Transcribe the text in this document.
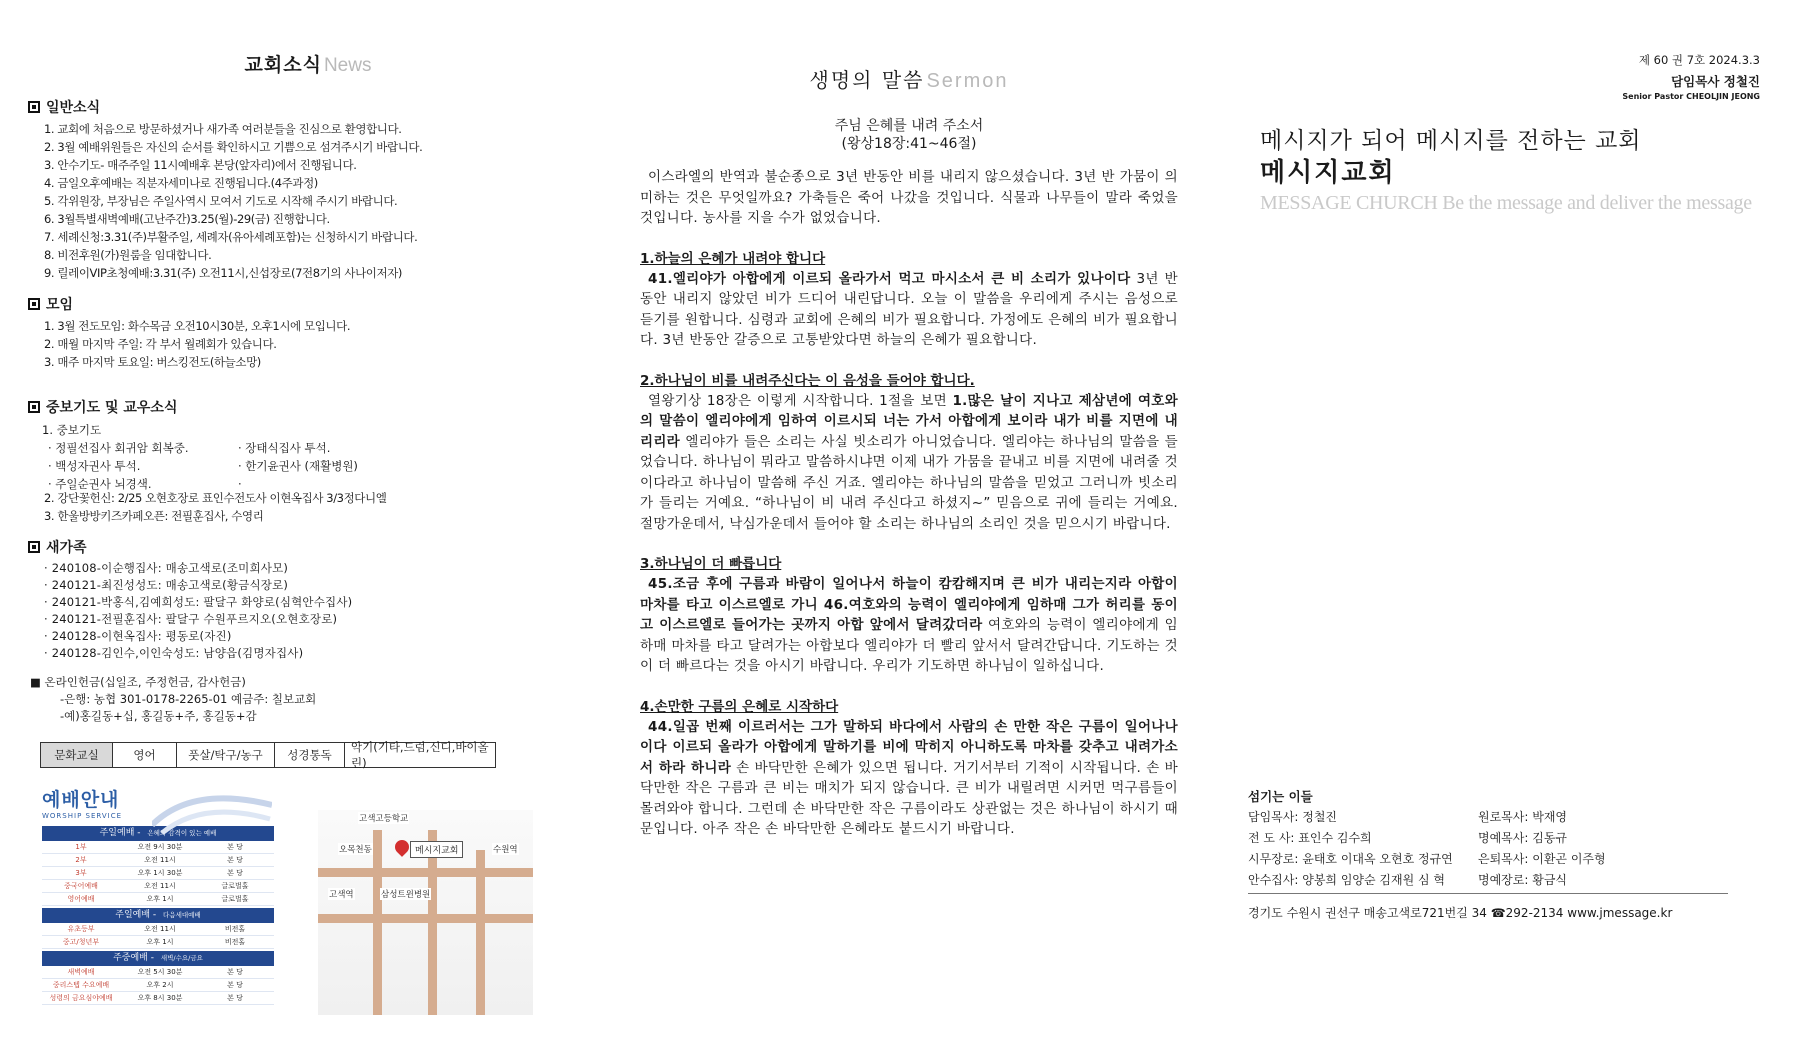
교회소식 News
일반소식
1. 교회에 처음으로 방문하셨거나 새가족 여러분들을 진심으로 환영합니다.
2. 3월 예배위원들은 자신의 순서를 확인하시고 기쁨으로 섬겨주시기 바랍니다.
3. 안수기도- 매주주일 11시예배후 본당(앞자리)에서 진행됩니다.
4. 금일오후예배는 직분자세미나로 진행됩니다.(4주과정)
5. 각위원장, 부장님은 주일사역시 모여서 기도로 시작해 주시기 바랍니다.
6. 3월특별새벽예배(고난주간)3.25(월)-29(금) 진행합니다.
7. 세례신청:3.31(주)부활주일, 세례자(유아세례포함)는 신청하시기 바랍니다.
8. 비전후원(가)원룸을 임대합니다.
9. 릴레이VIP초청예배:3.31(주) 오전11시,신섭장로(7전8기의 사나이저자)
모임
1. 3월 전도모임: 화수목금 오전10시30분, 오후1시에 모입니다.
2. 매월 마지막 주일: 각 부서 월례회가 있습니다.
3. 매주 마지막 토요일: 버스킹전도(하늘소망)
중보기도 및 교우소식
1. 중보기도
· 정필선집사 회귀암 회복중.	· 장태식집사 투석.
· 백성자권사 투석.	· 한기윤권사 (재활병원)
· 주일순권사 뇌경색.	·
2. 강단꽃헌신: 2/25 오현호장로 표인수전도사 이현옥집사 3/3정다니엘
3. 한울방방키즈카페오픈: 전필훈집사, 수영리
새가족
· 240108-이순행집사: 매송고색로(조미희사모)
· 240121-최진성성도: 매송고색로(황금식장로)
· 240121-박홍식,김예희성도: 팔달구 화양로(심혁안수집사)
· 240121-전필훈집사: 팔달구 수원푸르지오(오현호장로)
· 240128-이현옥집사: 평동로(자진)
· 240128-김인수,이인숙성도: 남양읍(김명자집사)
■ 온라인헌금(십일조, 주정헌금, 감사헌금)
-은행: 농협 301-0178-2265-01 예금주: 칠보교회
-예)홍길동+십, 홍길동+주, 홍길동+감
문화교실	영어	풋살/탁구/농구	성경통독
악기(기타,드럼,신디,바이올린)
예배안내
WORSHIP SERVICE
주일예배 - 은혜와 감격이 있는 예배
1부	오전 9시 30분	본 당
2부	오전 11시	본 당
3부	오후 1시 30분	본 당
중국어예배	오전 11시	글로벌홀
영어예배	오후 1시	글로벌홀
주일예배 - 다음세대예배
유초등부	오전 11시	비전홀
중고/청년부	오후 1시	비전홀
주중예배 - 새벽/수요/금요
새벽예배	오전 5시 30분	본 당
중리스텝 수요예배	오후 2시	본 당
성령의 금요심야예배	오후 8시 30분	본 당
고색고등학교
오목천동	수원역
메시지교회
고색역	삼성트윈병원
생명의 말씀 Sermon
주님 은혜를 내려 주소서
(왕상18장:41~46절)
이스라엘의 반역과 불순종으로 3년 반동안 비를 내리지 않으셨습니다. 3년 반 가뭄이 의미하는 것은 무엇일까요? 가축들은 죽어 나갔을 것입니다. 식물과 나무들이 말라 죽었을 것입니다. 농사를 지을 수가 없었습니다.
1.하늘의 은혜가 내려야 합니다
41.엘리야가 아합에게 이르되 올라가서 먹고 마시소서 큰 비 소리가 있나이다 3년 반 동안 내리지 않았던 비가 드디어 내린답니다. 오늘 이 말씀을 우리에게 주시는 음성으로 듣기를 원합니다. 심령과 교회에 은혜의 비가 필요합니다. 가정에도 은혜의 비가 필요합니다. 3년 반동안 갈증으로 고통받았다면 하늘의 은혜가 필요합니다.
2.하나님이 비를 내려주신다는 이 음성을 들어야 합니다.
열왕기상 18장은 이렇게 시작합니다. 1절을 보면 1.많은 날이 지나고 제삼년에 여호와의 말씀이 엘리야에게 임하여 이르시되 너는 가서 아합에게 보이라 내가 비를 지면에 내리리라 엘리야가 들은 소리는 사실 빗소리가 아니었습니다. 엘리야는 하나님의 말씀을 들었습니다. 하나님이 뭐라고 말씀하시냐면 이제 내가 가뭄을 끝내고 비를 지면에 내려줄 것이다라고 하나님이 말씀해 주신 거죠. 엘리야는 하나님의 말씀을 믿었고 그러니까 빗소리가 들리는 거예요. “하나님이 비 내려 주신다고 하셨지~” 믿음으로 귀에 들리는 거예요. 절망가운데서, 낙심가운데서 들어야 할 소리는 하나님의 소리인 것을 믿으시기 바랍니다.
3.하나님이 더 빠릅니다
45.조금 후에 구름과 바람이 일어나서 하늘이 캄캄해지며 큰 비가 내리는지라 아합이 마차를 타고 이스르엘로 가니 46.여호와의 능력이 엘리야에게 임하매 그가 허리를 동이고 이스르엘로 들어가는 곳까지 아합 앞에서 달려갔더라 여호와의 능력이 엘리야에게 임하매 마차를 타고 달려가는 아합보다 엘리야가 더 빨리 앞서서 달려간답니다. 기도하는 것이 더 빠르다는 것을 아시기 바랍니다. 우리가 기도하면 하나님이 일하십니다.
4.손만한 구름의 은혜로 시작하다
44.일곱 번째 이르러서는 그가 말하되 바다에서 사람의 손 만한 작은 구름이 일어나나이다 이르되 올라가 아합에게 말하기를 비에 막히지 아니하도록 마차를 갖추고 내려가소서 하라 하니라 손 바닥만한 은혜가 있으면 됩니다. 거기서부터 기적이 시작됩니다. 손 바닥만한 작은 구름과 큰 비는 매치가 되지 않습니다. 큰 비가 내릴려면 시커먼 먹구름들이 몰려와야 합니다. 그런데 손 바닥만한 작은 구름이라도 상관없는 것은 하나님이 하시기 때문입니다. 아주 작은 손 바닥만한 은혜라도 붙드시기 바랍니다.
제 60 권 7호 2024.3.3
담임목사 정철진
Senior Pastor CHEOLJIN JEONG
메시지가 되어 메시지를 전하는 교회
메시지교회
MESSAGE CHURCH Be the message and deliver the message
섬기는 이들
담임목사: 정철진	원로목사: 박재영
전 도 사: 표인수 김수희	명예목사: 김동규
시무장로: 윤태호 이대옥 오현호 정규연	은퇴목사: 이환곤 이주형
안수집사: 양봉희 임양순 김재원 심 혁	명예장로: 황금식
경기도 수원시 권선구 매송고색로721번길 34 ☎292-2134 www.jmessage.kr
